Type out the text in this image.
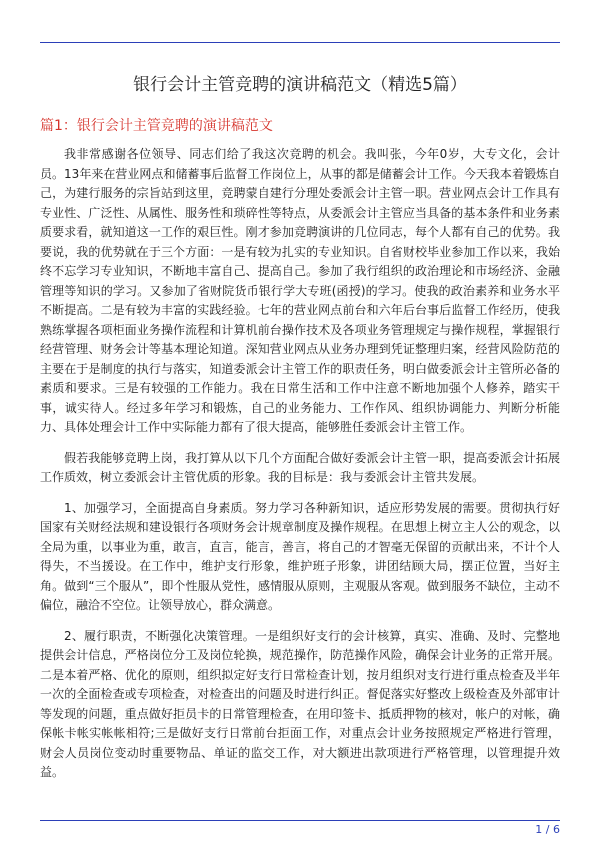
银行会计主管竞聘的演讲稿范文（精选5篇）
篇1：银行会计主管竞聘的演讲稿范文

我非常感谢各位领导、同志们给了我这次竞聘的机会。我叫张，今年0岁，大专文化，会计员。13年来在营业网点和储蓄事后监督工作岗位上，从事的都是储蓄会计工作。今天我本着锻炼自己，为建行服务的宗旨站到这里，竞聘蒙自建行分理处委派会计主管一职。营业网点会计工作具有专业性、广泛性、从属性、服务性和琐碎性等特点，从委派会计主管应当具备的基本条件和业务素质要求看，就知道这一工作的艰巨性。刚才参加竞聘演讲的几位同志，每个人都有自己的优势。我要说，我的优势就在于三个方面：一是有较为扎实的专业知识。自省财校毕业参加工作以来，我始终不忘学习专业知识，不断地丰富自己、提高自己。参加了我行组织的政治理论和市场经济、金融管理等知识的学习。又参加了省财院货币银行学大专班(函授)的学习。使我的政治素养和业务水平不断提高。二是有较为丰富的实践经验。七年的营业网点前台和六年后台事后监督工作经历，使我熟练掌握各项柜面业务操作流程和计算机前台操作技术及各项业务管理规定与操作规程，掌握银行经营管理、财务会计等基本理论知道。深知营业网点从业务办理到凭证整理归案，经营风险防范的主要在于是制度的执行与落实，知道委派会计主管工作的职责任务，明白做委派会计主管所必备的素质和要求。三是有较强的工作能力。我在日常生活和工作中注意不断地加强个人修养，踏实干事，诚实待人。经过多年学习和锻炼，自己的业务能力、工作作风、组织协调能力、判断分析能力、具体处理会计工作中实际能力都有了很大提高，能够胜任委派会计主管工作。

假若我能够竞聘上岗，我打算从以下几个方面配合做好委派会计主管一职，提高委派会计拓展工作质效，树立委派会计主管优质的形象。我的目标是：我与委派会计主管共发展。

1、加强学习，全面提高自身素质。努力学习各种新知识，适应形势发展的需要。贯彻执行好国家有关财经法规和建设银行各项财务会计规章制度及操作规程。在思想上树立主人公的观念，以全局为重，以事业为重，敢言，直言，能言，善言，将自己的才智毫无保留的贡献出来，不计个人得失，不当援设。在工作中，维护支行形象，维护班子形象，讲团结顾大局，摆正位置，当好主角。做到“三个服从”，即个性服从党性，感情服从原则，主观服从客观。做到服务不缺位，主动不偏位，融洽不空位。让领导放心，群众满意。

2、履行职责，不断强化决策管理。一是组织好支行的会计核算，真实、准确、及时、完整地提供会计信息，严格岗位分工及岗位轮换，规范操作，防范操作风险，确保会计业务的正常开展。二是本着严格、优化的原则，组织拟定好支行日常检查计划，按月组织对支行进行重点检查及半年一次的全面检查或专项检查，对检查出的问题及时进行纠正。督促落实好整改上级检查及外部审计等发现的问题，重点做好拒员卡的日常管理检查，在用印签卡、抵质押物的核对，帐户的对帐，确保帐卡帐实帐帐相符;三是做好支行日常前台拒面工作，对重点会计业务按照规定严格进行管理，财会人员岗位变动时重要物品、单证的监交工作，对大额进出款项进行严格管理，以管理提升效益。

1 / 6
